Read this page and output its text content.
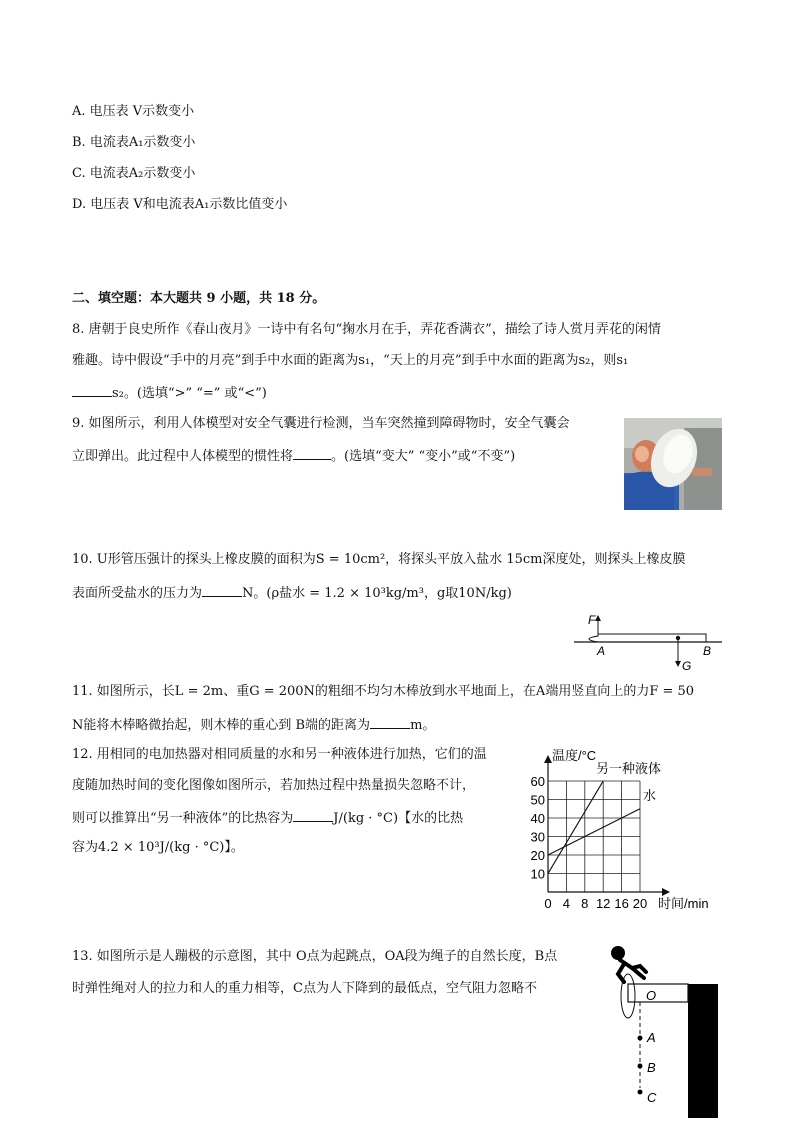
A. 电压表 V示数变小
B. 电流表A₁示数变小
C. 电流表A₂示数变小
D. 电压表 V和电流表A₁示数比值变小
二、填空题：本大题共 9 小题，共 18 分。
8. 唐朝于良史所作《春山夜月》一诗中有名句“掬水月在手，弄花香满衣”，描绘了诗人赏月弄花的闲情
雅趣。诗中假设“手中的月亮”到手中水面的距离为s₁，“天上的月亮”到手中水面的距离为s₂，则s₁
s₂。(选填“>” “=” 或“<”)
9. 如图所示，利用人体模型对安全气囊进行检测，当车突然撞到障碍物时，安全气囊会
立即弹出。此过程中人体模型的惯性将	。(选填“变大” “变小”或“不变”)
10. U形管压强计的探头上橡皮膜的面积为S = 10cm²，将探头平放入盐水 15cm深度处，则探头上橡皮膜
表面所受盐水的压力为	N。(ρ盐水 = 1.2 × 10³kg/m³，g取10N/kg)
F
A	B
G
11. 如图所示，长L = 2m、重G = 200N的粗细不均匀木棒放到水平地面上，在A端用竖直向上的力F = 50
N能将木棒略微抬起，则木棒的重心到 B端的距离为	m。
12. 用相同的电加热器对相同质量的水和另一种液体进行加热，它们的温
度随加热时间的变化图像如图所示，若加热过程中热量损失忽略不计，
则可以推算出“另一种液体”的比热容为	J/(kg · °C)【水的比热
容为4.2 × 10³J/(kg · °C)】。
0 4 8 12 16 20
10
20
30
40
50
60
温度/°C
时间/min
另一种液体
水
13. 如图所示是人蹦极的示意图，其中 O点为起跳点，OA段为绳子的自然长度，B点
时弹性绳对人的拉力和人的重力相等，C点为人下降到的最低点，空气阻力忽略不	O
A
B
C
